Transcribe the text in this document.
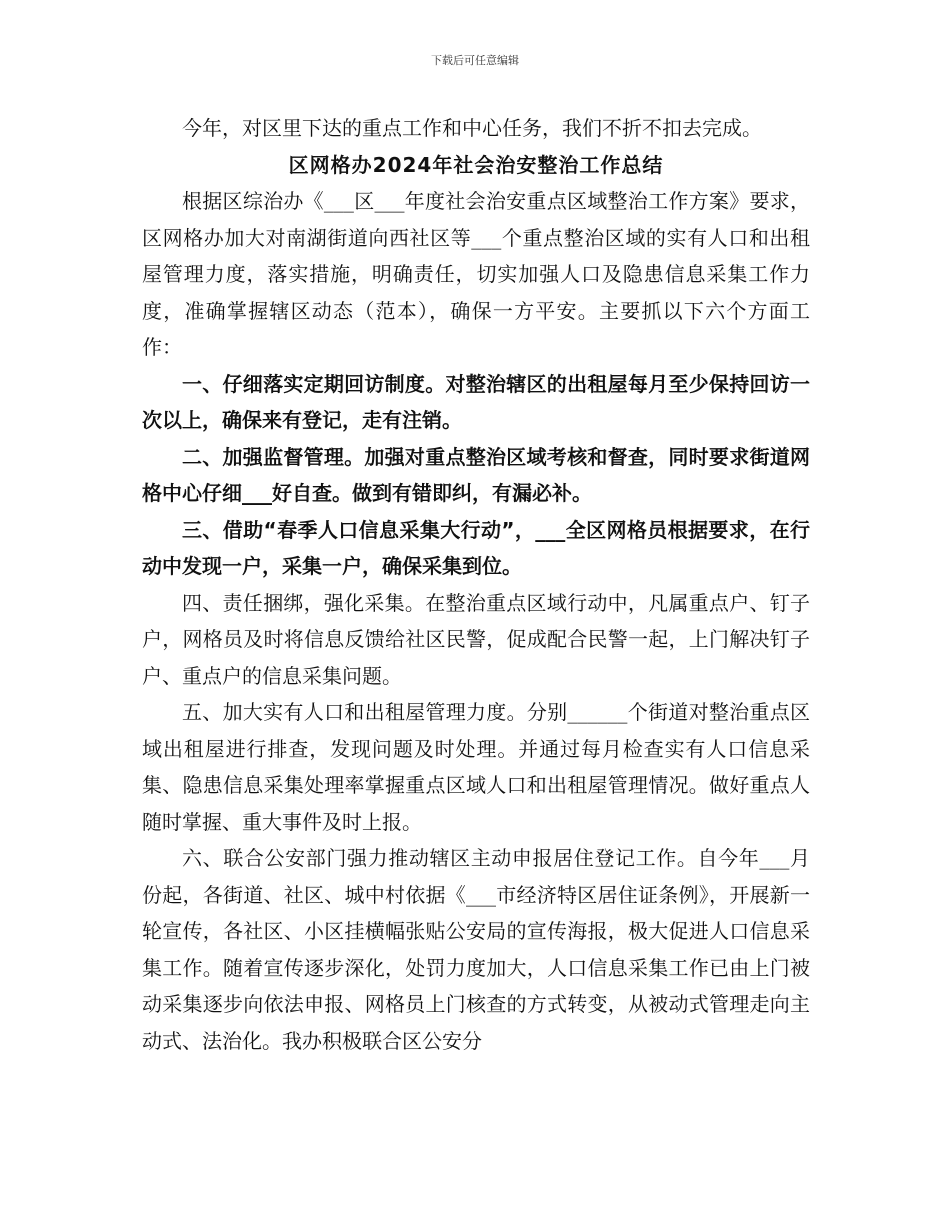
下载后可任意编辑

今年，对区里下达的重点工作和中心任务，我们不折不扣去完成。

区网格办2024年社会治安整治工作总结

根据区综治办《___区___年度社会治安重点区域整治工作方案》要求，区网格办加大对南湖街道向西社区等___个重点整治区域的实有人口和出租屋管理力度，落实措施，明确责任，切实加强人口及隐患信息采集工作力度，准确掌握辖区动态（范本），确保一方平安。主要抓以下六个方面工作：

一、仔细落实定期回访制度。对整治辖区的出租屋每月至少保持回访一次以上，确保来有登记，走有注销。

二、加强监督管理。加强对重点整治区域考核和督查，同时要求街道网格中心仔细___好自查。做到有错即纠，有漏必补。

三、借助“春季人口信息采集大行动”，___全区网格员根据要求，在行动中发现一户，采集一户，确保采集到位。

四、责任捆绑，强化采集。在整治重点区域行动中，凡属重点户、钉子户，网格员及时将信息反馈给社区民警，促成配合民警一起，上门解决钉子户、重点户的信息采集问题。

五、加大实有人口和出租屋管理力度。分别______个街道对整治重点区域出租屋进行排查，发现问题及时处理。并通过每月检查实有人口信息采集、隐患信息采集处理率掌握重点区域人口和出租屋管理情况。做好重点人随时掌握、重大事件及时上报。

六、联合公安部门强力推动辖区主动申报居住登记工作。自今年___月份起，各街道、社区、城中村依据《___市经济特区居住证条例》，开展新一轮宣传，各社区、小区挂横幅张贴公安局的宣传海报，极大促进人口信息采集工作。随着宣传逐步深化，处罚力度加大，人口信息采集工作已由上门被动采集逐步向依法申报、网格员上门核查的方式转变，从被动式管理走向主动式、法治化。我办积极联合区公安分
